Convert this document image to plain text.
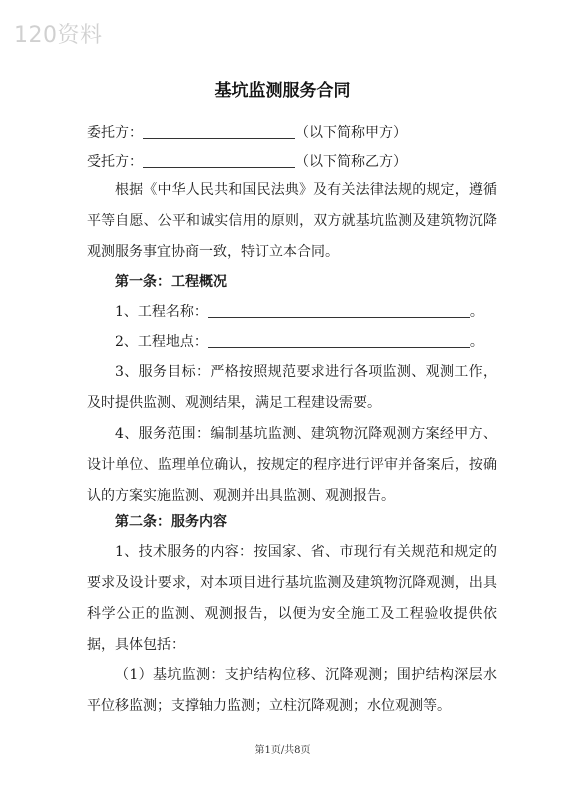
120资料
基坑监测服务合同
委托方：	（以下简称甲方）
受托方：	（以下简称乙方）
根据《中华人民共和国民法典》及有关法律法规的规定，遵循平等自愿、公平和诚实信用的原则，双方就基坑监测及建筑物沉降观测服务事宜协商一致，特订立本合同。
第一条：工程概况
1、工程名称：	。
2、工程地点：	。
3、服务目标：严格按照规范要求进行各项监测、观测工作，及时提供监测、观测结果，满足工程建设需要。
4、服务范围：编制基坑监测、建筑物沉降观测方案经甲方、设计单位、监理单位确认，按规定的程序进行评审并备案后，按确认的方案实施监测、观测并出具监测、观测报告。
第二条：服务内容
1、技术服务的内容：按国家、省、市现行有关规范和规定的要求及设计要求，对本项目进行基坑监测及建筑物沉降观测，出具科学公正的监测、观测报告，以便为安全施工及工程验收提供依据，具体包括：
（1）基坑监测：支护结构位移、沉降观测；围护结构深层水平位移监测；支撑轴力监测；立柱沉降观测；水位观测等。
第1页/共8页
